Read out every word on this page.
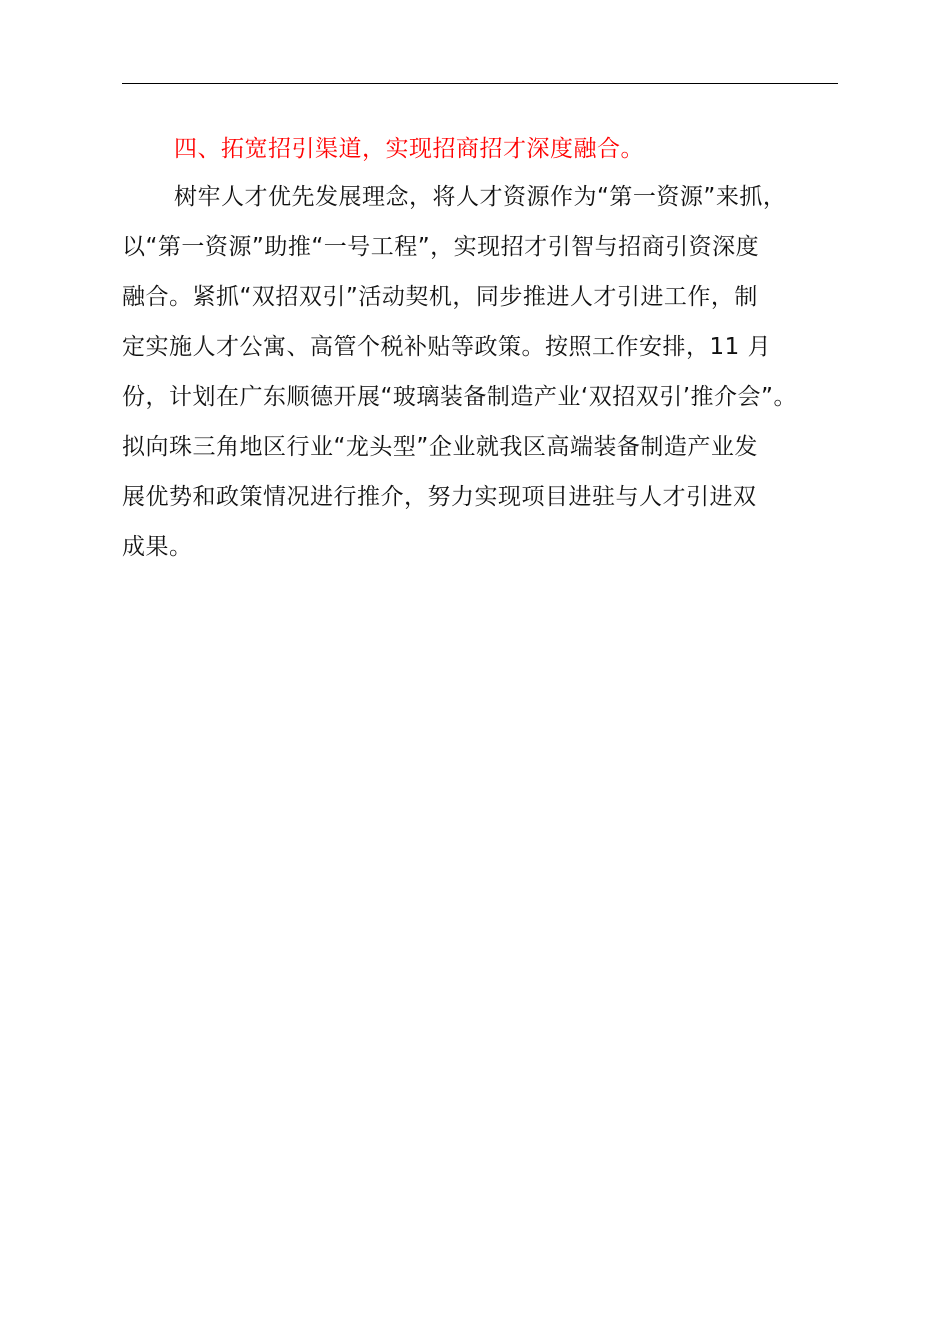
四、拓宽招引渠道，实现招商招才深度融合。
树牢人才优先发展理念，将人才资源作为“第一资源”来抓，
以“第一资源”助推“一号工程”，实现招才引智与招商引资深度
融合。紧抓“双招双引”活动契机，同步推进人才引进工作，制
定实施人才公寓、高管个税补贴等政策。按照工作安排，11 月
份，计划在广东顺德开展“玻璃装备制造产业‘双招双引’推介会”。
拟向珠三角地区行业“龙头型”企业就我区高端装备制造产业发
展优势和政策情况进行推介，努力实现项目进驻与人才引进双
成果。
